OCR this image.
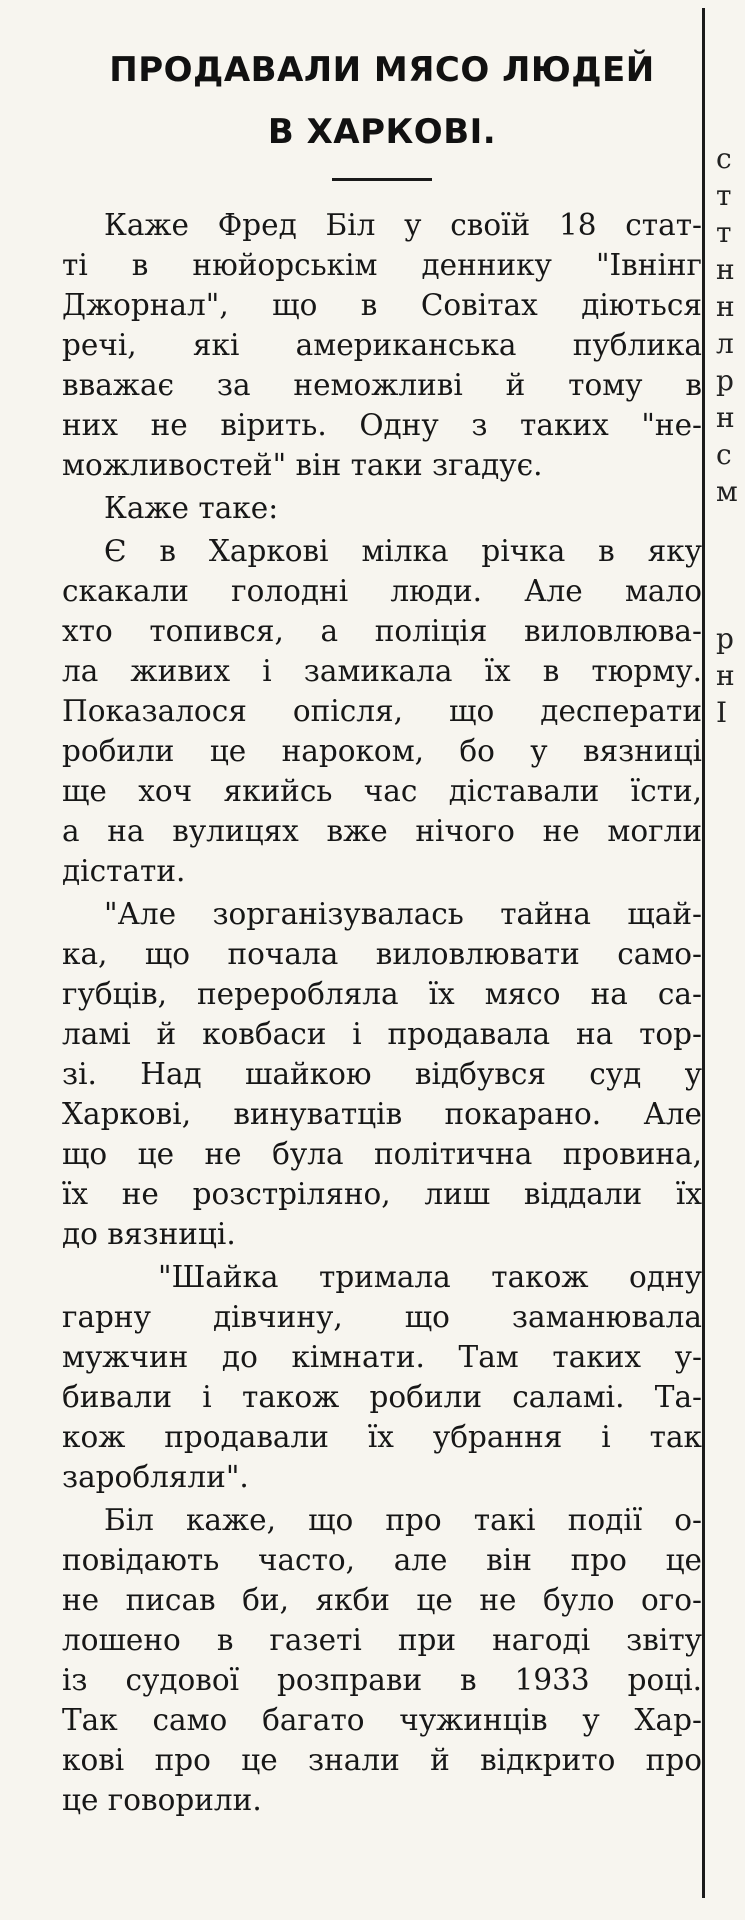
с
т
т
н
н
л
р
н
с
м
р
н
І
ПРОДАВАЛИ МЯСО ЛЮДЕЙ
В ХАРКОВІ.

Каже Фред Біл у своїй 18 стат-
ті в нюйорськім деннику "Івнінг
Джорнал", що в Совітах діються
речі, які американська публика
вважає за неможливі й тому в
них не вірить. Одну з таких "не-
можливостей" він таки згадує.

Каже таке:

Є в Харкові мілка річка в яку
скакали голодні люди. Але мало
хто топився, а поліція виловлюва-
ла живих і замикала їх в тюрму.
Показалося опісля, що десперати
робили це нароком, бо у вязниці
ще хоч якийсь час діставали їсти,
а на вулицях вже нічого не могли
дістати.

"Але зорганізувалась тайна щай-
ка, що почала виловлювати само-
губців, переробляла їх мясо на са-
ламі й ковбаси і продавала на тор-
зі. Над шайкою відбувся суд у
Харкові, винуватців покарано. Але
що це не була політична провина,
їх не розстріляно, лиш віддали їх
до вязниці.

"Шайка тримала також одну
гарну дівчину, що заманювала
мужчин до кімнати. Там таких у-
бивали і також робили саламі. Та-
кож продавали їх убрання і так
заробляли".

Біл каже, що про такі події о-
повідають часто, але він про це
не писав би, якби це не було ого-
лошено в газеті при нагоді звіту
із судової розправи в 1933 році.
Так само багато чужинців у Хар-
кові про це знали й відкрито про
це говорили.
